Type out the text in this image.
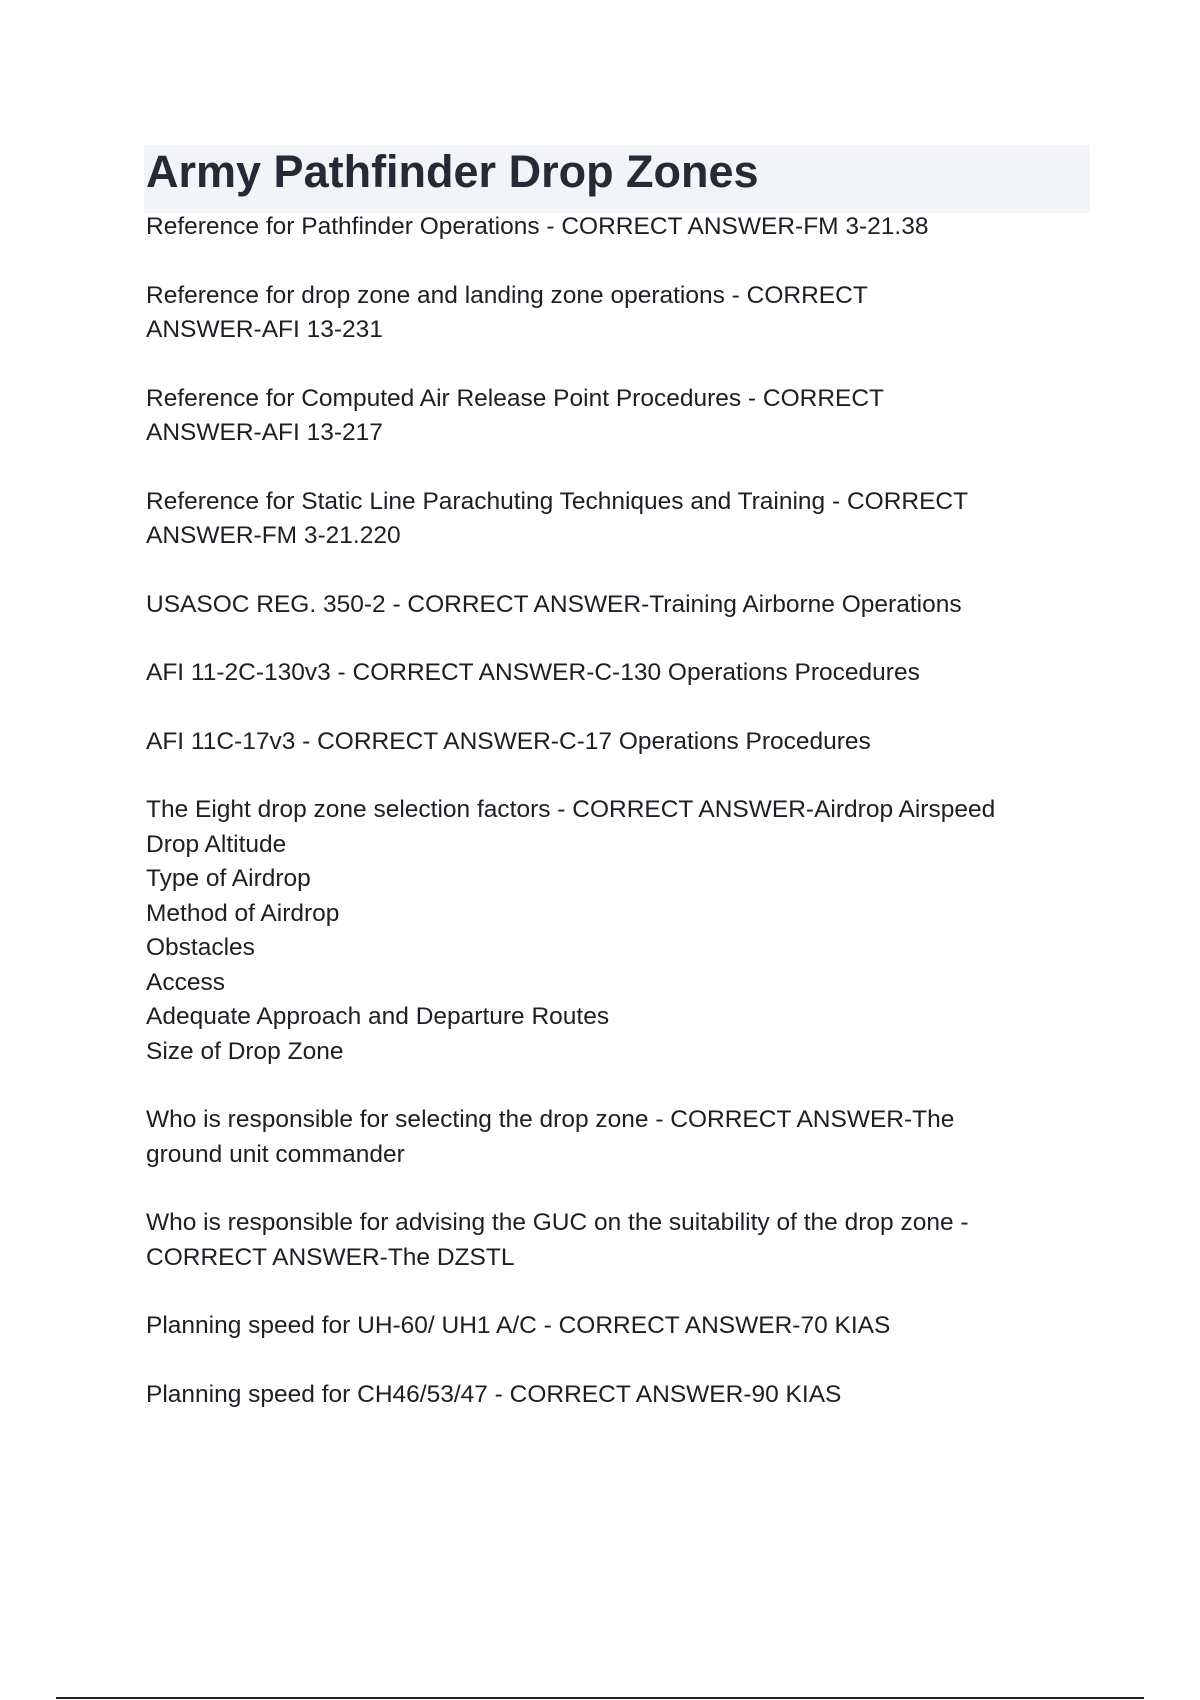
Army Pathfinder Drop Zones

Reference for Pathfinder Operations - CORRECT ANSWER-FM 3-21.38

Reference for drop zone and landing zone operations - CORRECT
ANSWER-AFI 13-231

Reference for Computed Air Release Point Procedures - CORRECT
ANSWER-AFI 13-217

Reference for Static Line Parachuting Techniques and Training - CORRECT
ANSWER-FM 3-21.220

USASOC REG. 350-2 - CORRECT ANSWER-Training Airborne Operations

AFI 11-2C-130v3 - CORRECT ANSWER-C-130 Operations Procedures

AFI 11C-17v3 - CORRECT ANSWER-C-17 Operations Procedures

The Eight drop zone selection factors - CORRECT ANSWER-Airdrop Airspeed
Drop Altitude
Type of Airdrop
Method of Airdrop
Obstacles
Access
Adequate Approach and Departure Routes
Size of Drop Zone

Who is responsible for selecting the drop zone - CORRECT ANSWER-The
ground unit commander

Who is responsible for advising the GUC on the suitability of the drop zone -
CORRECT ANSWER-The DZSTL

Planning speed for UH-60/ UH1 A/C - CORRECT ANSWER-70 KIAS

Planning speed for CH46/53/47 - CORRECT ANSWER-90 KIAS
